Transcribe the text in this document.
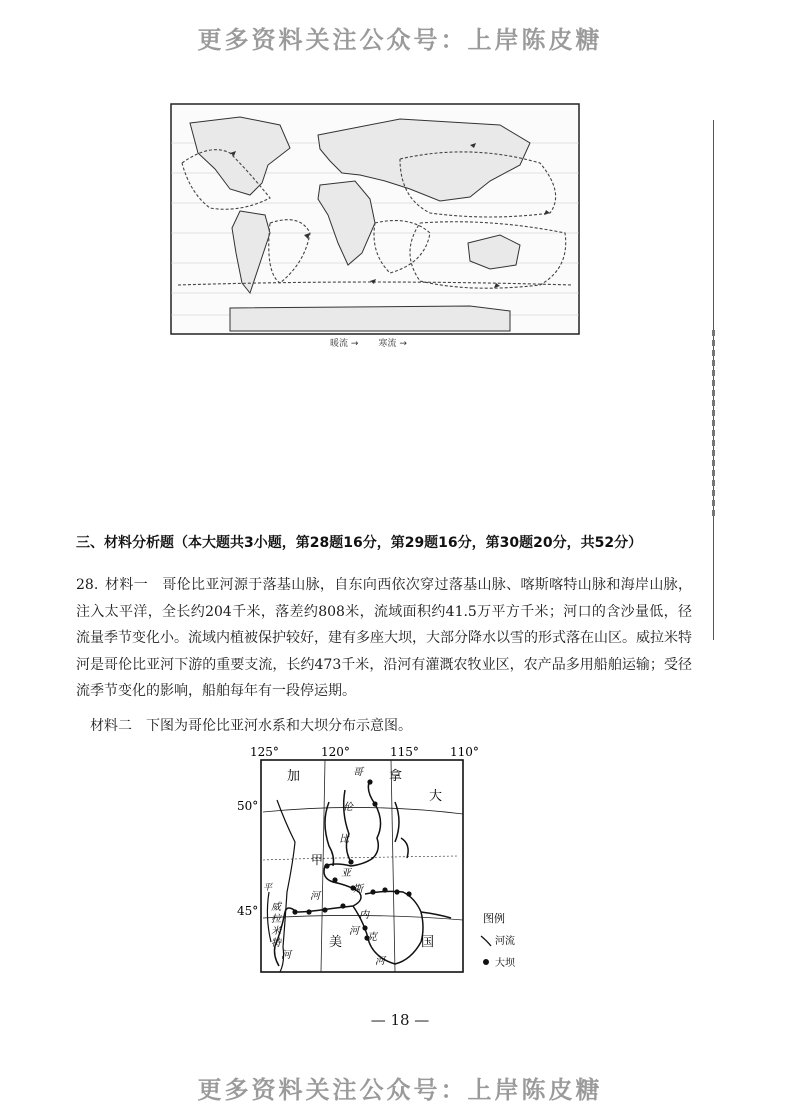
更多资料关注公众号：上岸陈皮糖
暖流 → 寒流 →
三、材料分析题（本大题共3小题，第28题16分，第29题16分，第30题20分，共52分）
28. 材料一　哥伦比亚河源于落基山脉，自东向西依次穿过落基山脉、喀斯喀特山脉和海岸山脉，注入太平洋，全长约204千米，落差约808米，流域面积约41.5万平方千米；河口的含沙量低，径流量季节变化小。流域内植被保护较好，建有多座大坝，大部分降水以雪的形式落在山区。威拉米特河是哥伦比亚河下游的重要支流，长约473千米，沿河有灌溉农牧业区，农产品多用船舶运输；受径流季节变化的影响，船舶每年有一段停运期。
材料二　下图为哥伦比亚河水系和大坝分布示意图。
125°	120°	115°	110°
50°
45°
加	拿
大
美	国
哥
伦
比
亚
河
甲
河
斯
内
克
河
威
拉
米
特
河
平
图例
河流
大坝
— 18 —
更多资料关注公众号：上岸陈皮糖
